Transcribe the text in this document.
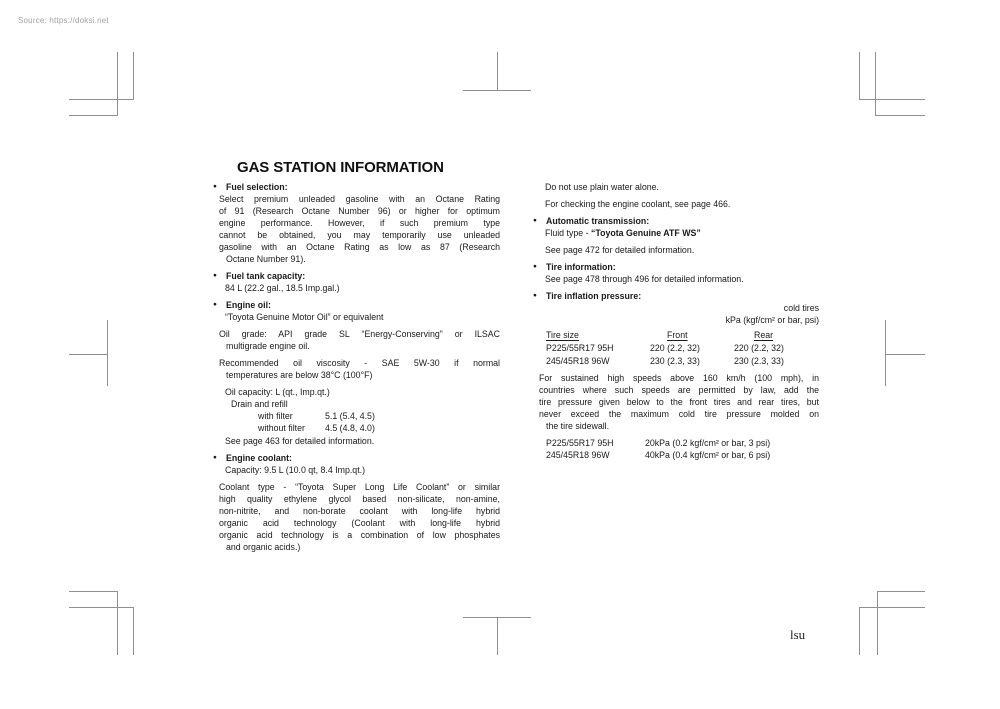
Source: https://doksi.net
GAS STATION INFORMATION
●	Fuel selection:
Select premium unleaded gasoline with an Octane Rating
of 91 (Research Octane Number 96) or higher for optimum
engine performance. However, if such premium type
cannot be obtained, you may temporarily use unleaded
gasoline with an Octane Rating as low as 87 (Research
Octane Number 91).
●	Fuel tank capacity:
84 L (22.2 gal., 18.5 Imp.gal.)
●	Engine oil:
“Toyota Genuine Motor Oil” or equivalent
Oil grade: API grade SL “Energy-Conserving” or ILSAC
multigrade engine oil.
Recommended oil viscosity - SAE 5W-30 if normal
temperatures are below 38°C (100°F)
Oil capacity: L (qt., Imp.qt.)
Drain and refill
with filter	5.1 (5.4, 4.5)
without filter 4.5 (4.8, 4.0)
See page 463 for detailed information.
●	Engine coolant:
Capacity: 9.5 L (10.0 qt, 8.4 Imp.qt.)
Coolant type - “Toyota Super Long Life Coolant” or similar
high quality ethylene glycol based non-silicate, non-amine,
non-nitrite, and non-borate coolant with long-life hybrid
organic acid technology (Coolant with long-life hybrid
organic acid technology is a combination of low phosphates
and organic acids.)
Do not use plain water alone.
For checking the engine coolant, see page 466.
●	Automatic transmission:
Fluid type - “Toyota Genuine ATF WS”
See page 472 for detailed information.
●	Tire information:
See page 478 through 496 for detailed information.
●	Tire inflation pressure:
cold tires
kPa (kgf/cm² or bar, psi)
Tire size	Front	Rear
P225/55R17 95H	220 (2.2, 32)	220 (2.2, 32)
245/45R18 96W	230 (2.3, 33)	230 (2.3, 33)
For sustained high speeds above 160 km/h (100 mph), in
countries where such speeds are permitted by law, add the
tire pressure given below to the front tires and rear tires, but
never exceed the maximum cold tire pressure molded on
the tire sidewall.
P225/55R17 95H	20kPa (0.2 kgf/cm² or bar, 3 psi)
245/45R18 96W	40kPa (0.4 kgf/cm² or bar, 6 psi)
lsu
